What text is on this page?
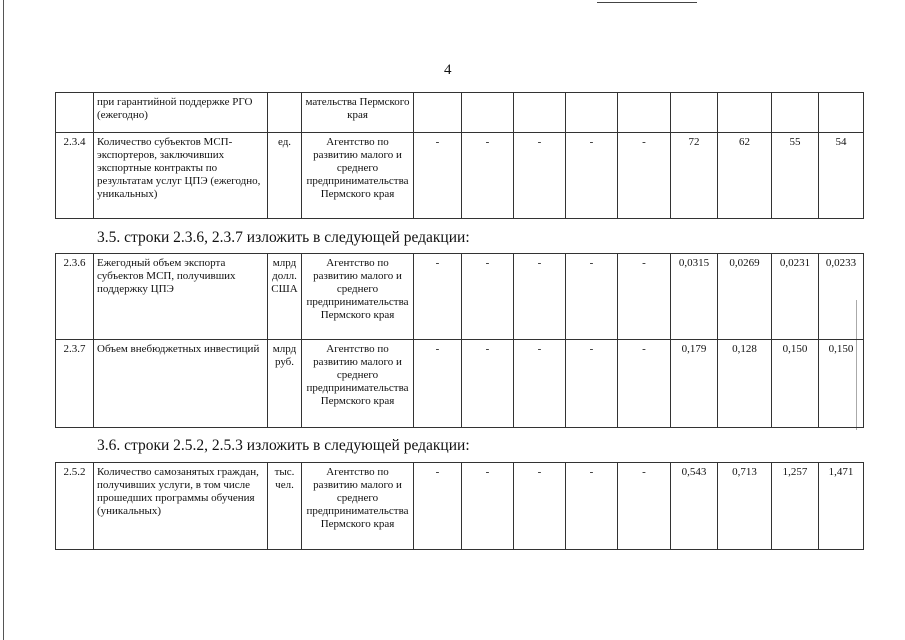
4
	при гарантийной поддержке РГО (ежегодно)		мательства Пермского края									
2.3.4	Количество субъектов МСП-экспортеров, заключивших экспортные контракты по результатам услуг ЦПЭ (ежегодно, уникальных)	ед.	Агентство по развитию малого и среднего предпринимательства Пермского края	-	-	-	-	-	72	62	55	54
3.5. строки 2.3.6, 2.3.7 изложить в следующей редакции:
2.3.6	Ежегодный объем экспорта субъектов МСП, получивших поддержку ЦПЭ	млрд долл. США	Агентство по развитию малого и среднего предпринимательства Пермского края	-	-	-	-	-	0,0315	0,0269	0,0231	0,0233
2.3.7	Объем внебюджетных инвестиций	млрд руб.	Агентство по развитию малого и среднего предпринимательства Пермского края	-	-	-	-	-	0,179	0,128	0,150	0,150
3.6. строки 2.5.2, 2.5.3 изложить в следующей редакции:
2.5.2	Количество самозанятых граждан, получивших услуги, в том числе прошедших программы обучения (уникальных)	тыс. чел.	Агентство по развитию малого и среднего предпринимательства Пермского края	-	-	-	-	-	0,543	0,713	1,257	1,471
